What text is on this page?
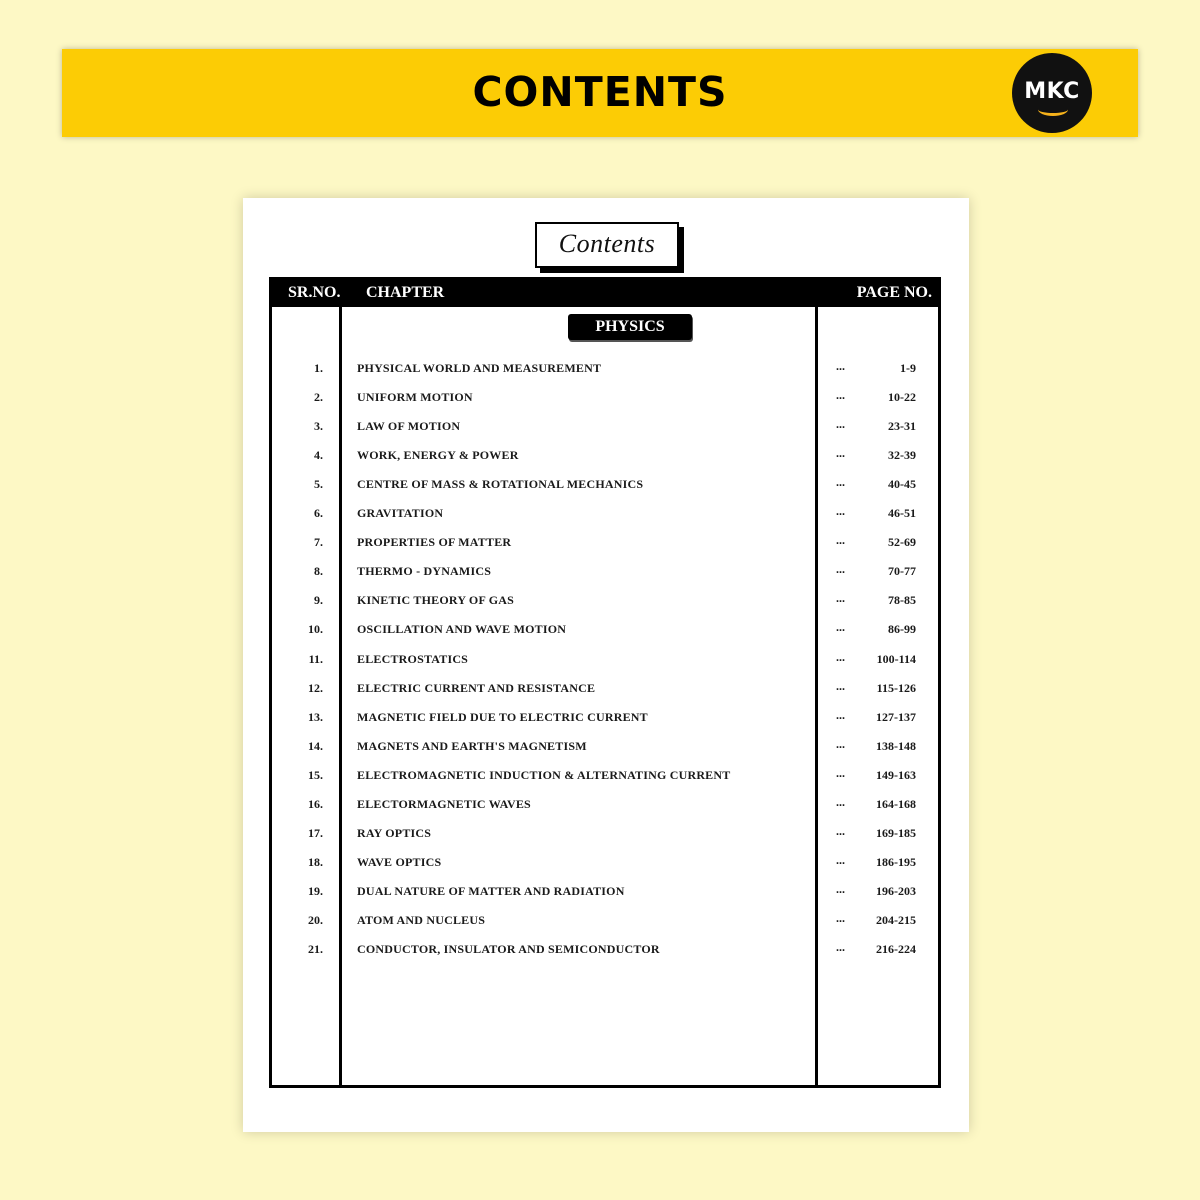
CONTENTS	MKC
Contents
SR.NO. CHAPTER	PAGE NO.
PHYSICS
1.	PHYSICAL WORLD AND MEASUREMENT	...	1-9
2.	UNIFORM MOTION	...	10-22
3.	LAW OF MOTION	...	23-31
4.	WORK, ENERGY & POWER	...	32-39
5.	CENTRE OF MASS & ROTATIONAL MECHANICS	...	40-45
6.	GRAVITATION	...	46-51
7.	PROPERTIES OF MATTER	...	52-69
8.	THERMO - DYNAMICS	...	70-77
9.	KINETIC THEORY OF GAS	...	78-85
10.	OSCILLATION AND WAVE MOTION	...	86-99
11.	ELECTROSTATICS	...	100-114
12.	ELECTRIC CURRENT AND RESISTANCE	...	115-126
13.	MAGNETIC FIELD DUE TO ELECTRIC CURRENT	...	127-137
14.	MAGNETS AND EARTH'S MAGNETISM	...	138-148
15.	ELECTROMAGNETIC INDUCTION & ALTERNATING CURRENT	...	149-163
16.	ELECTORMAGNETIC WAVES	...	164-168
17.	RAY OPTICS	...	169-185
18.	WAVE OPTICS	...	186-195
19.	DUAL NATURE OF MATTER AND RADIATION	...	196-203
20.	ATOM AND NUCLEUS	...	204-215
21.	CONDUCTOR, INSULATOR AND SEMICONDUCTOR	...	216-224
